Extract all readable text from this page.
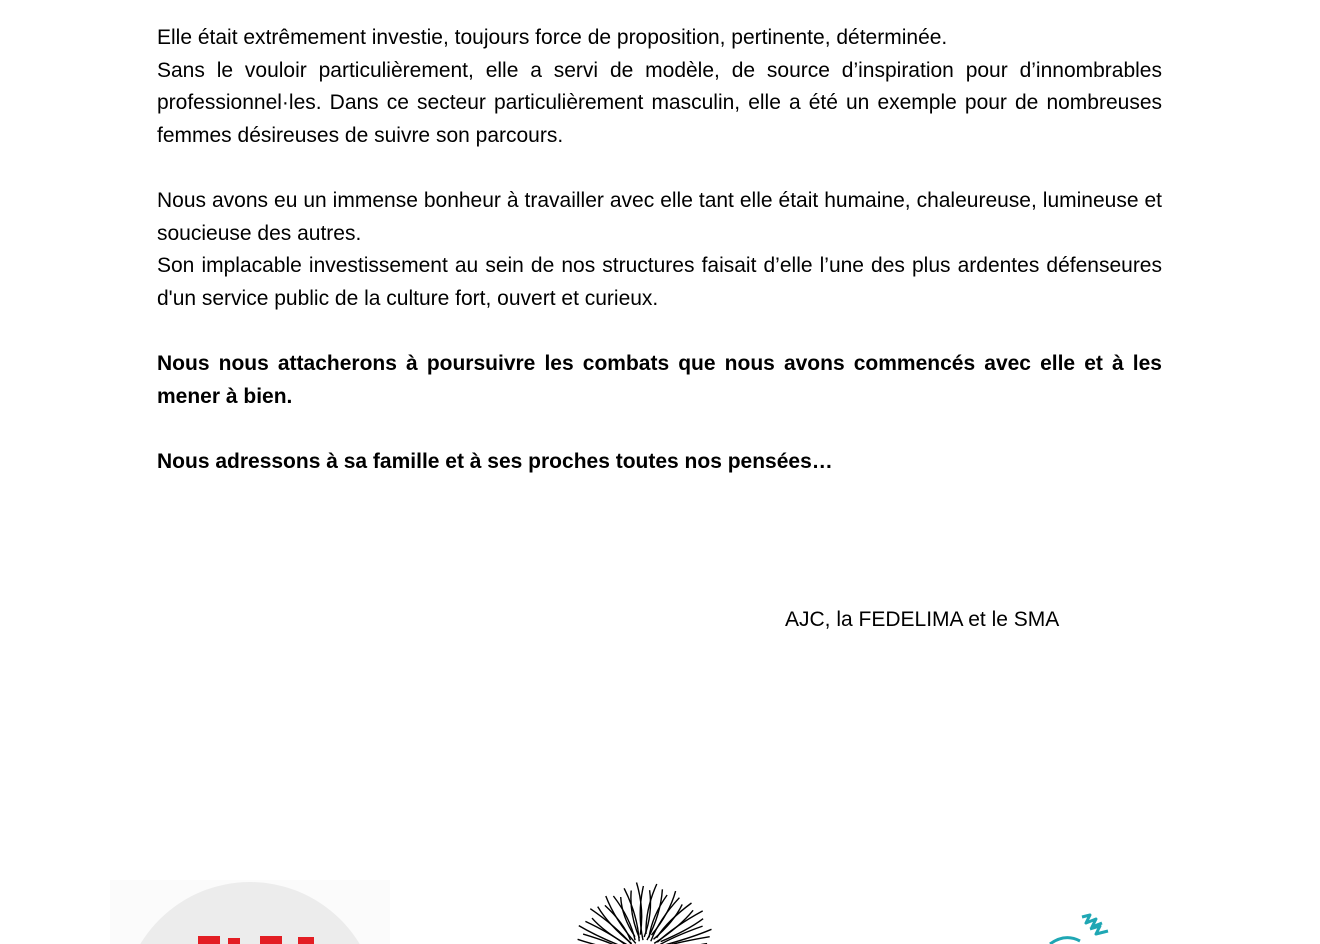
Elle était extrêmement investie, toujours force de proposition, pertinente, déterminée.

Sans le vouloir particulièrement, elle a servi de modèle, de source d’inspiration pour d’innombrables professionnel·les. Dans ce secteur particulièrement masculin, elle a été un exemple pour de nombreuses femmes désireuses de suivre son parcours.

Nous avons eu un immense bonheur à travailler avec elle tant elle était humaine, chaleureuse, lumineuse et soucieuse des autres.

Son implacable investissement au sein de nos structures faisait d’elle l’une des plus ardentes défenseures d'un service public de la culture fort, ouvert et curieux.

Nous nous attacherons à poursuivre les combats que nous avons commencés avec elle et à les mener à bien.

Nous adressons à sa famille et à ses proches toutes nos pensées…

AJC, la FEDELIMA et le SMA
